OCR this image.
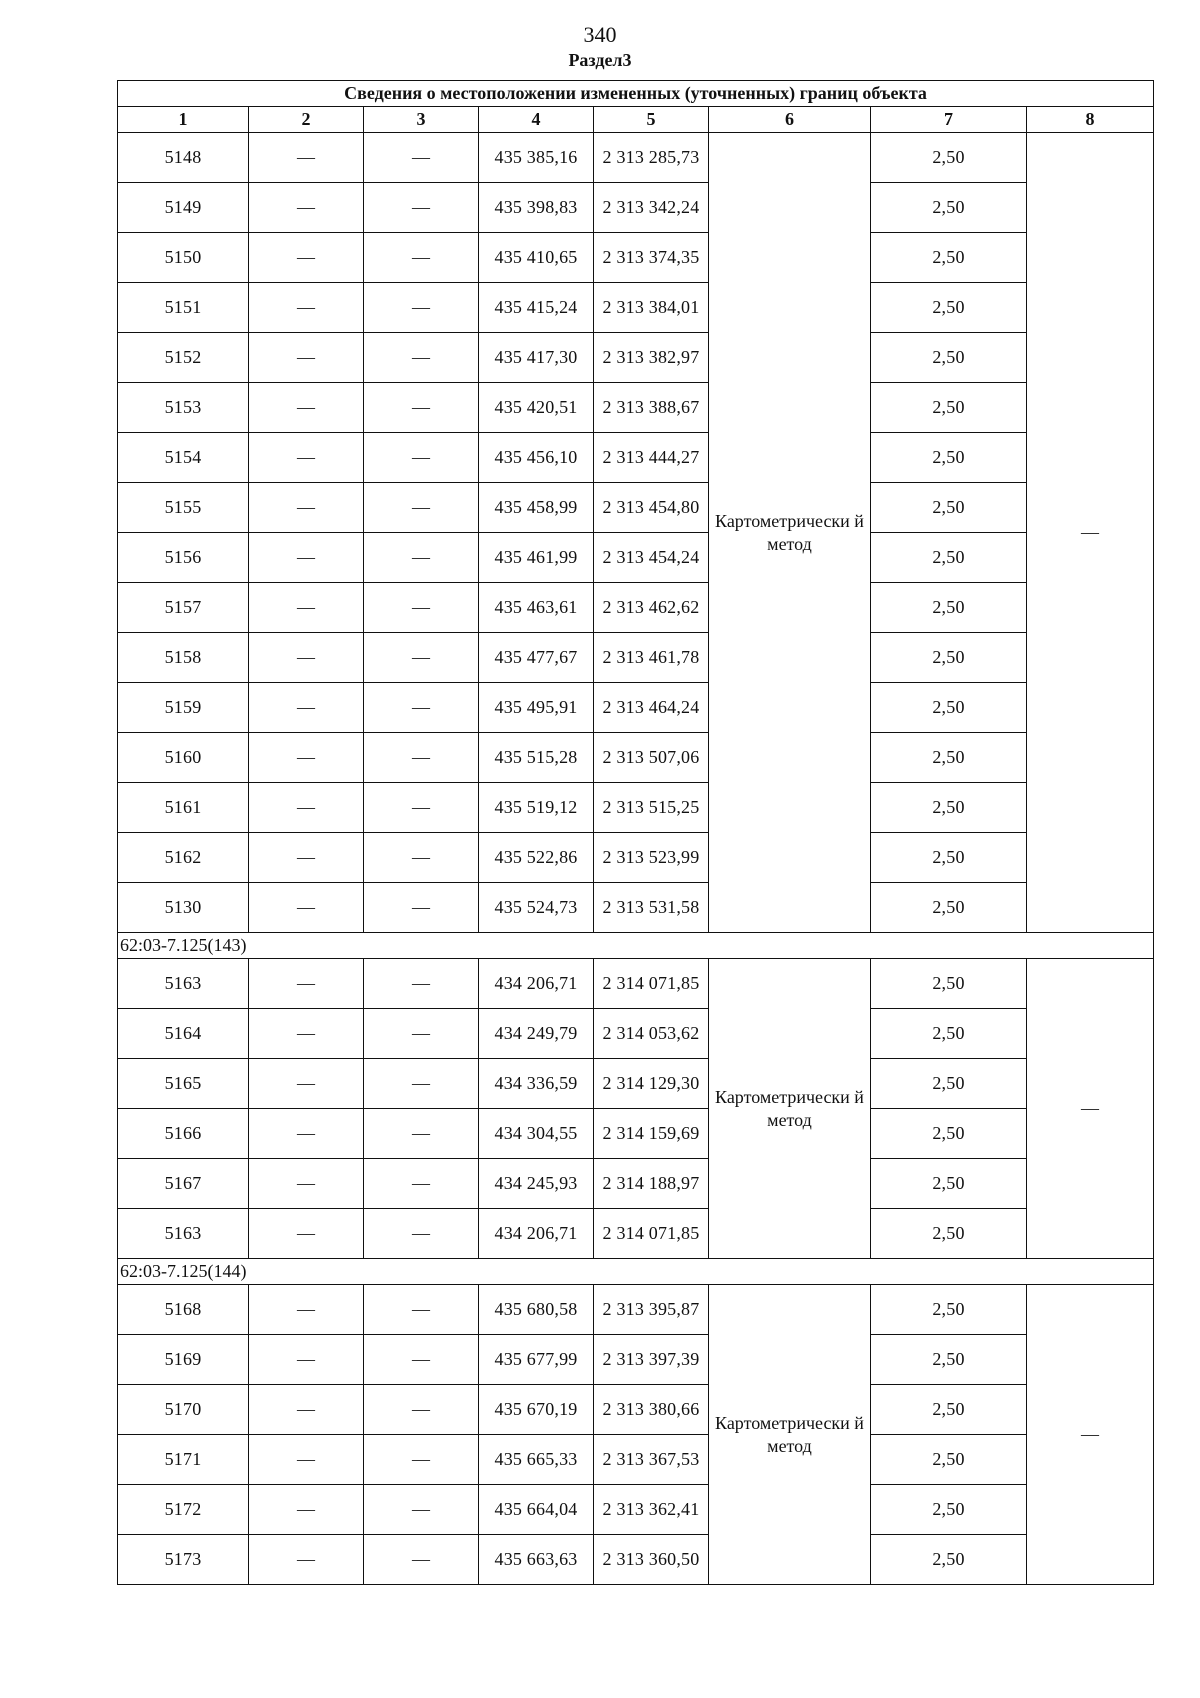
340
Раздел3
Сведения о местоположении измененных (уточненных) границ объекта							
1	2	3	4	5	6	7	8
5148	—	—	435 385,16	2 313 285,73	Картометрически й метод	2,50	—
5149	—	—	435 398,83	2 313 342,24		2,50	
5150	—	—	435 410,65	2 313 374,35		2,50	
5151	—	—	435 415,24	2 313 384,01		2,50	
5152	—	—	435 417,30	2 313 382,97		2,50	
5153	—	—	435 420,51	2 313 388,67		2,50	
5154	—	—	435 456,10	2 313 444,27		2,50	
5155	—	—	435 458,99	2 313 454,80		2,50	
5156	—	—	435 461,99	2 313 454,24		2,50	
5157	—	—	435 463,61	2 313 462,62		2,50	
5158	—	—	435 477,67	2 313 461,78		2,50	
5159	—	—	435 495,91	2 313 464,24		2,50	
5160	—	—	435 515,28	2 313 507,06		2,50	
5161	—	—	435 519,12	2 313 515,25		2,50	
5162	—	—	435 522,86	2 313 523,99		2,50	
5130	—	—	435 524,73	2 313 531,58		2,50	
62:03-7.125(143)							
5163	—	—	434 206,71	2 314 071,85	Картометрически й метод	2,50	—
5164	—	—	434 249,79	2 314 053,62		2,50	
5165	—	—	434 336,59	2 314 129,30		2,50	
5166	—	—	434 304,55	2 314 159,69		2,50	
5167	—	—	434 245,93	2 314 188,97		2,50	
5163	—	—	434 206,71	2 314 071,85		2,50	
62:03-7.125(144)							
5168	—	—	435 680,58	2 313 395,87	Картометрически й метод	2,50	—
5169	—	—	435 677,99	2 313 397,39		2,50	
5170	—	—	435 670,19	2 313 380,66		2,50	
5171	—	—	435 665,33	2 313 367,53		2,50	
5172	—	—	435 664,04	2 313 362,41		2,50	
5173	—	—	435 663,63	2 313 360,50		2,50	
